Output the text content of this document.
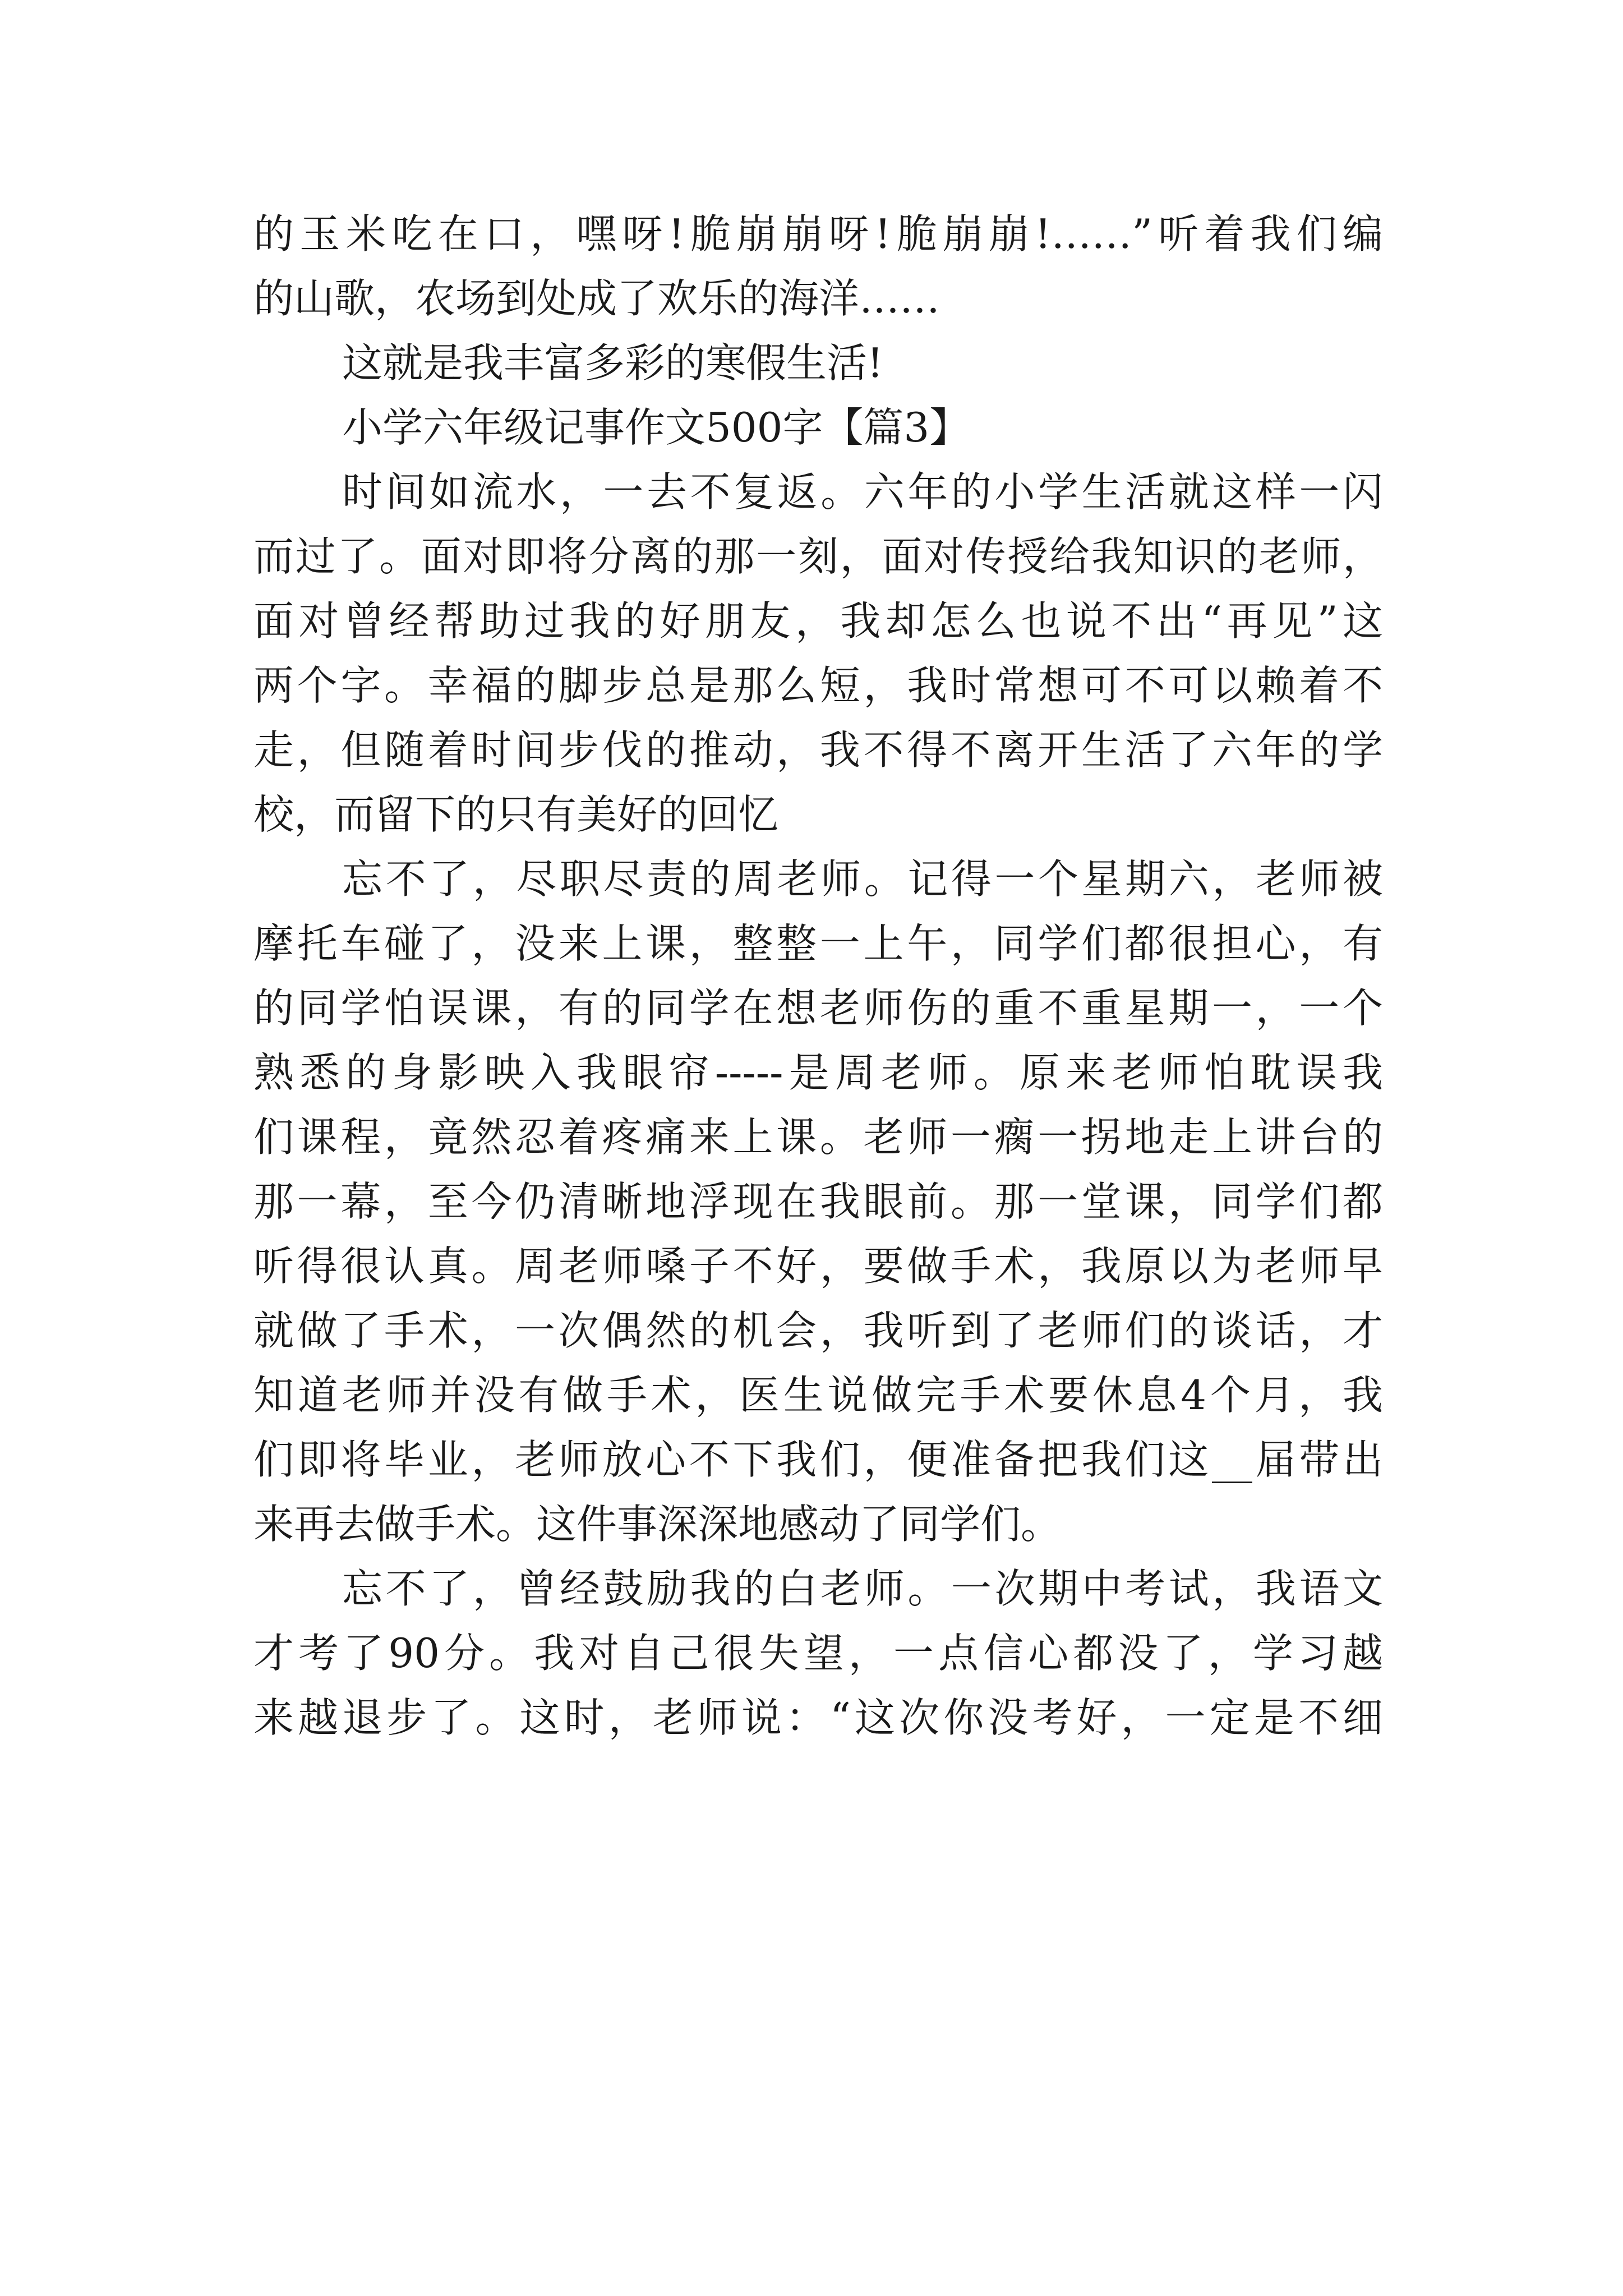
的玉米吃在口，嘿呀!脆崩崩呀!脆崩崩!……”听着我们编
的山歌，农场到处成了欢乐的海洋……
这就是我丰富多彩的寒假生活!
小学六年级记事作文500字【篇3】
时间如流水，一去不复返。六年的小学生活就这样一闪
而过了。面对即将分离的那一刻，面对传授给我知识的老师，
面对曾经帮助过我的好朋友，我却怎么也说不出“再见”这
两个字。幸福的脚步总是那么短，我时常想可不可以赖着不
走，但随着时间步伐的推动，我不得不离开生活了六年的学
校，而留下的只有美好的回忆
忘不了，尽职尽责的周老师。记得一个星期六，老师被
摩托车碰了，没来上课，整整一上午，同学们都很担心，有
的同学怕误课，有的同学在想老师伤的重不重星期一，一个
熟悉的身影映入我眼帘-----是周老师。原来老师怕耽误我
们课程，竟然忍着疼痛来上课。老师一瘸一拐地走上讲台的
那一幕，至今仍清晰地浮现在我眼前。那一堂课，同学们都
听得很认真。周老师嗓子不好，要做手术，我原以为老师早
就做了手术，一次偶然的机会，我听到了老师们的谈话，才
知道老师并没有做手术，医生说做完手术要休息4个月，我
们即将毕业，老师放心不下我们，便准备把我们这__届带出
来再去做手术。这件事深深地感动了同学们。
忘不了，曾经鼓励我的白老师。一次期中考试，我语文
才考了90分。我对自己很失望，一点信心都没了，学习越
来越退步了。这时，老师说：“这次你没考好，一定是不细
